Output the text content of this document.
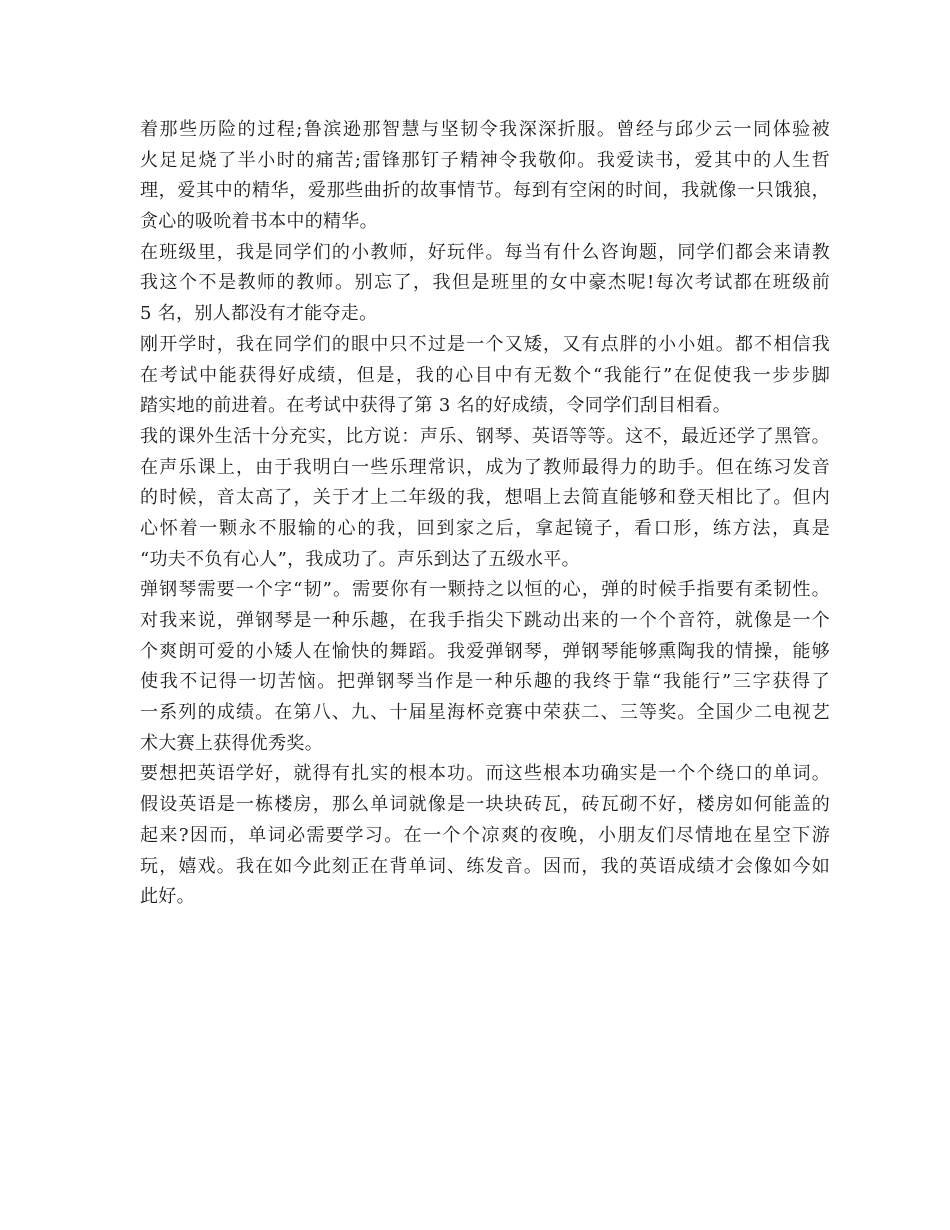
着那些历险的过程;鲁滨逊那智慧与坚韧令我深深折服。曾经与邱少云一同体验被
火足足烧了半小时的痛苦;雷锋那钉子精神令我敬仰。我爱读书，爱其中的人生哲
理，爱其中的精华，爱那些曲折的故事情节。每到有空闲的时间，我就像一只饿狼，
贪心的吸吮着书本中的精华。
在班级里，我是同学们的小教师，好玩伴。每当有什么咨询题，同学们都会来请教
我这个不是教师的教师。别忘了，我但是班里的女中豪杰呢!每次考试都在班级前
5 名，别人都没有才能夺走。
刚开学时，我在同学们的眼中只不过是一个又矮，又有点胖的小小姐。都不相信我
在考试中能获得好成绩，但是，我的心目中有无数个“我能行”在促使我一步步脚
踏实地的前进着。在考试中获得了第 3 名的好成绩，令同学们刮目相看。
我的课外生活十分充实，比方说：声乐、钢琴、英语等等。这不，最近还学了黑管。
在声乐课上，由于我明白一些乐理常识，成为了教师最得力的助手。但在练习发音
的时候，音太高了，关于才上二年级的我，想唱上去简直能够和登天相比了。但内
心怀着一颗永不服输的心的我，回到家之后，拿起镜子，看口形，练方法，真是
“功夫不负有心人”，我成功了。声乐到达了五级水平。
弹钢琴需要一个字“韧”。需要你有一颗持之以恒的心，弹的时候手指要有柔韧性。
对我来说，弹钢琴是一种乐趣，在我手指尖下跳动出来的一个个音符，就像是一个
个爽朗可爱的小矮人在愉快的舞蹈。我爱弹钢琴，弹钢琴能够熏陶我的情操，能够
使我不记得一切苦恼。把弹钢琴当作是一种乐趣的我终于靠“我能行”三字获得了
一系列的成绩。在第八、九、十届星海杯竞赛中荣获二、三等奖。全国少二电视艺
术大赛上获得优秀奖。
要想把英语学好，就得有扎实的根本功。而这些根本功确实是一个个绕口的单词。
假设英语是一栋楼房，那么单词就像是一块块砖瓦，砖瓦砌不好，楼房如何能盖的
起来?因而，单词必需要学习。在一个个凉爽的夜晚，小朋友们尽情地在星空下游
玩，嬉戏。我在如今此刻正在背单词、练发音。因而，我的英语成绩才会像如今如
此好。
